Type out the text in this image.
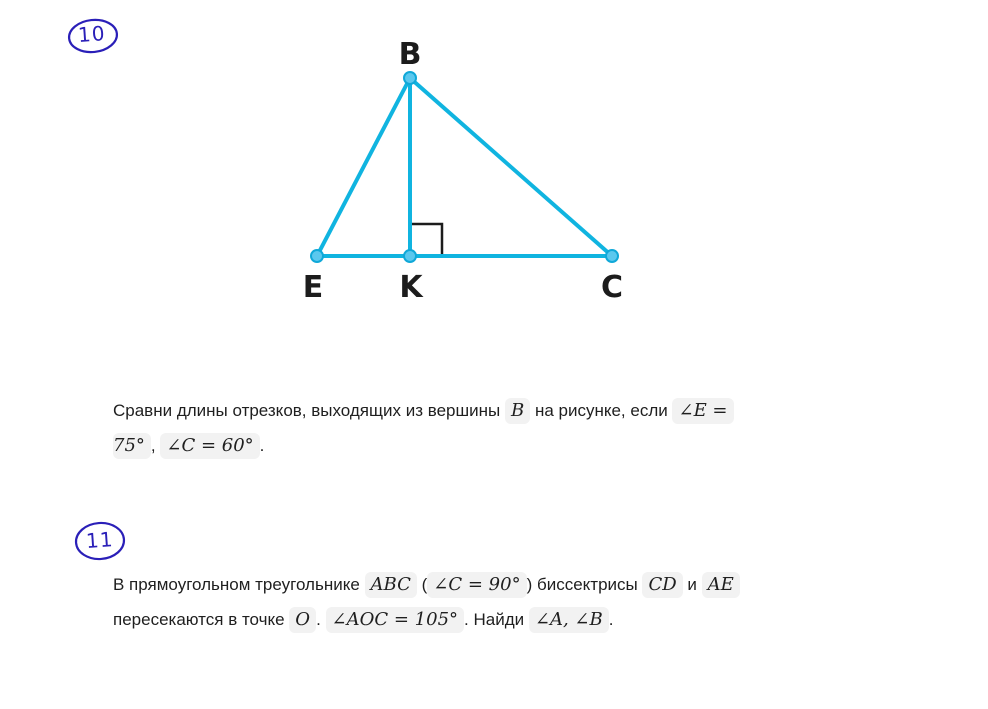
10
B
E	K	C
Сравни длины отрезков, выходящих из вершины B на рисунке, если ∠E =
75° , ∠C = 60° .
11
В прямоугольном треугольнике ABC ( ∠C = 90° ) биссектрисы CD и AE
пересекаются в точке O . ∠AOC = 105° . Найди ∠A, ∠B .
